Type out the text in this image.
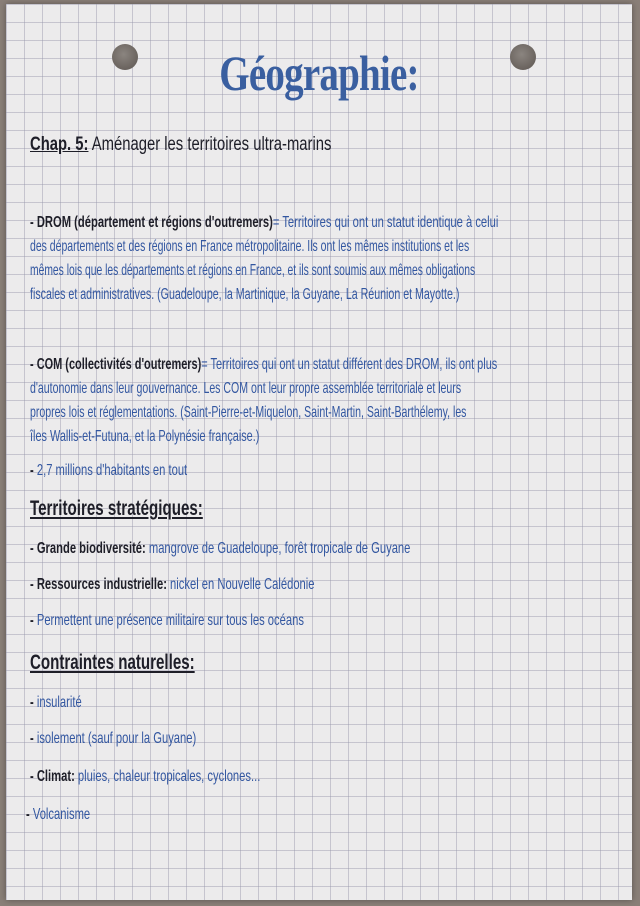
Géographie:
Chap. 5: Aménager les territoires ultra-marins
- DROM (département et régions d'outremers)= Territoires qui ont un statut identique à celui
des départements et des régions en France métropolitaine. Ils ont les mêmes institutions et les
mêmes lois que les départements et régions en France, et ils sont soumis aux mêmes obligations
fiscales et administratives. (Guadeloupe, la Martinique, la Guyane, La Réunion et Mayotte.)
- COM (collectivités d'outremers)= Territoires qui ont un statut différent des DROM, ils ont plus
d'autonomie dans leur gouvernance. Les COM ont leur propre assemblée territoriale et leurs
propres lois et réglementations. (Saint-Pierre-et-Miquelon, Saint-Martin, Saint-Barthélemy, les
îles Wallis-et-Futuna, et la Polynésie française.)
- 2,7 millions d'habitants en tout
Territoires stratégiques:
- Grande biodiversité: mangrove de Guadeloupe, forêt tropicale de Guyane
- Ressources industrielle: nickel en Nouvelle Calédonie
- Permettent une présence militaire sur tous les océans
Contraintes naturelles:
- insularité
- isolement (sauf pour la Guyane)
- Climat: pluies, chaleur tropicales, cyclones...
- Volcanisme
